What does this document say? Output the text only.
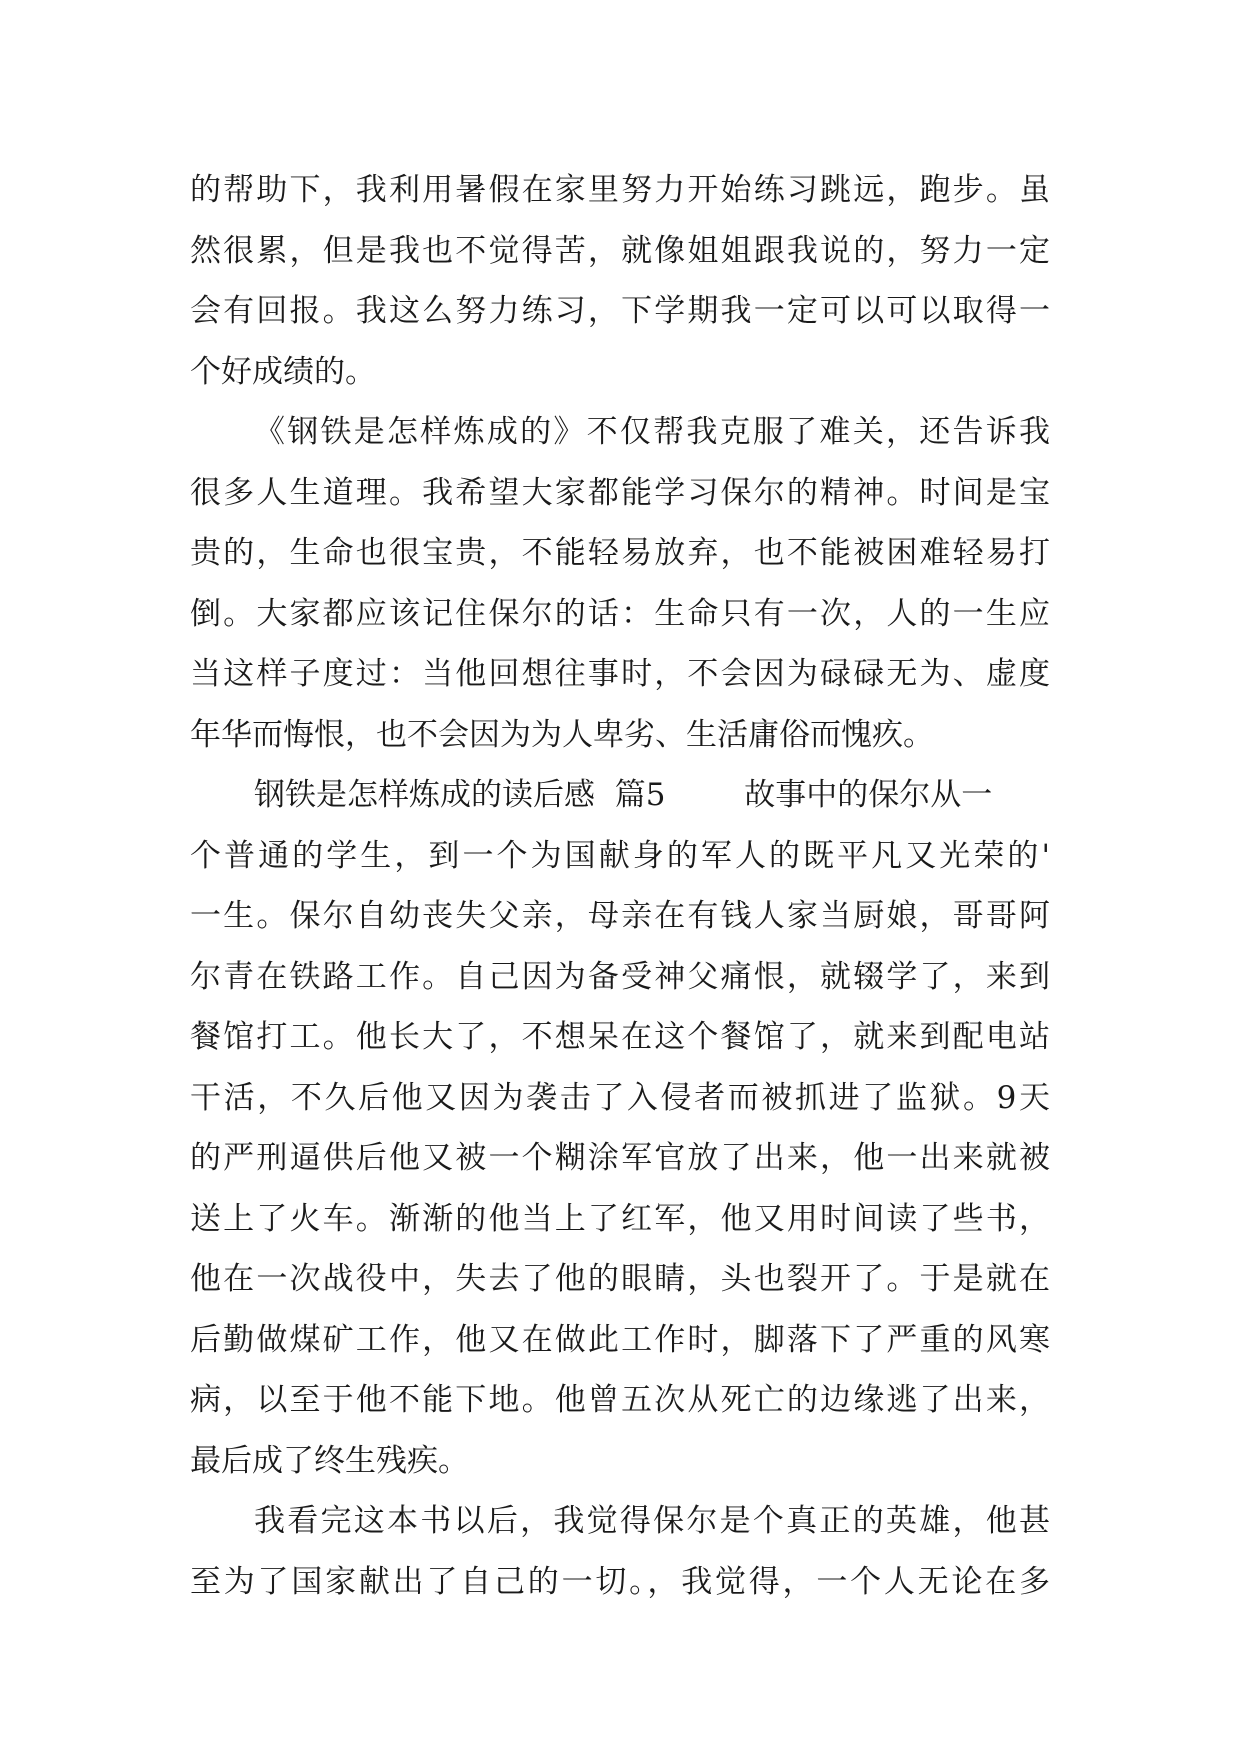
的帮助下，我利用暑假在家里努力开始练习跳远，跑步。虽
然很累，但是我也不觉得苦，就像姐姐跟我说的，努力一定
会有回报。我这么努力练习，下学期我一定可以可以取得一
个好成绩的。
《钢铁是怎样炼成的》不仅帮我克服了难关，还告诉我
很多人生道理。我希望大家都能学习保尔的精神。时间是宝
贵的，生命也很宝贵，不能轻易放弃，也不能被困难轻易打
倒。大家都应该记住保尔的话：生命只有一次，人的一生应
当这样子度过：当他回想往事时，不会因为碌碌无为、虚度
年华而悔恨，也不会因为为人卑劣、生活庸俗而愧疚。
钢铁是怎样炼成的读后感  篇5        故事中的保尔从一
个普通的学生，到一个为国献身的军人的既平凡又光荣的'
一生。保尔自幼丧失父亲，母亲在有钱人家当厨娘，哥哥阿
尔青在铁路工作。自己因为备受神父痛恨，就辍学了，来到
餐馆打工。他长大了，不想呆在这个餐馆了，就来到配电站
干活，不久后他又因为袭击了入侵者而被抓进了监狱。9天
的严刑逼供后他又被一个糊涂军官放了出来，他一出来就被
送上了火车。渐渐的他当上了红军，他又用时间读了些书，
他在一次战役中，失去了他的眼睛，头也裂开了。于是就在
后勤做煤矿工作，他又在做此工作时，脚落下了严重的风寒
病，以至于他不能下地。他曾五次从死亡的边缘逃了出来，
最后成了终生残疾。
我看完这本书以后，我觉得保尔是个真正的英雄，他甚
至为了国家献出了自己的一切。，我觉得，一个人无论在多
